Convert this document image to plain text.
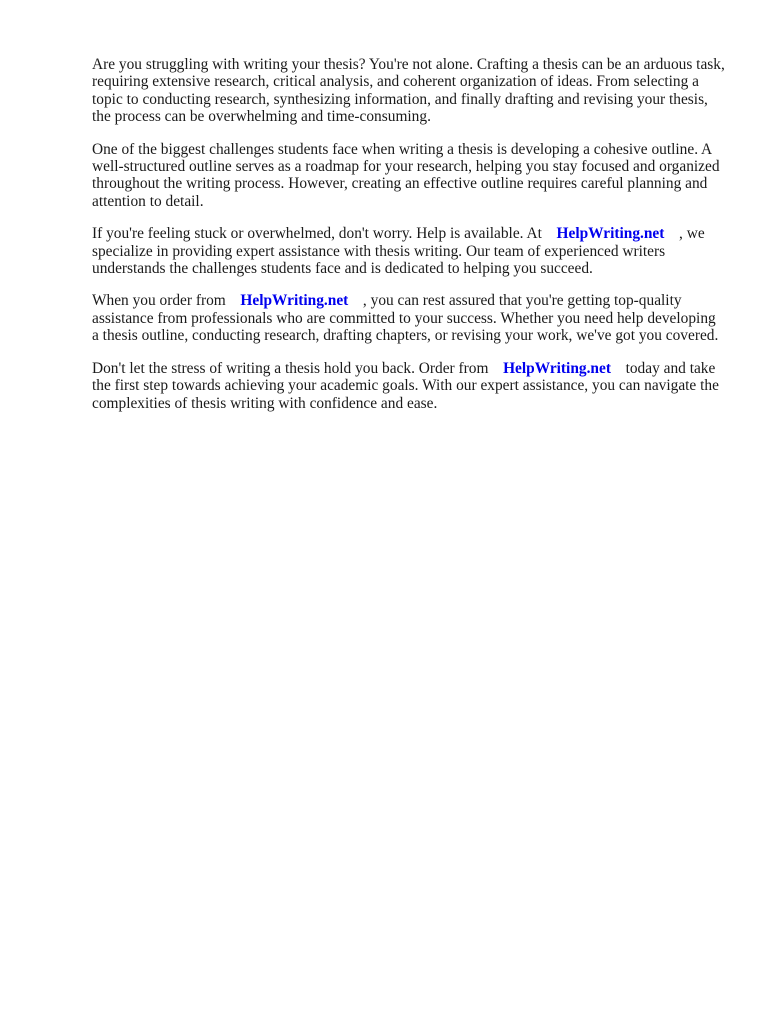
Are you struggling with writing your thesis? You're not alone. Crafting a thesis can be an arduous task, requiring extensive research, critical analysis, and coherent organization of ideas. From selecting a topic to conducting research, synthesizing information, and finally drafting and revising your thesis, the process can be overwhelming and time-consuming.

One of the biggest challenges students face when writing a thesis is developing a cohesive outline. A well-structured outline serves as a roadmap for your research, helping you stay focused and organized throughout the writing process. However, creating an effective outline requires careful planning and attention to detail.

If you're feeling stuck or overwhelmed, don't worry. Help is available. At HelpWriting.net , we specialize in providing expert assistance with thesis writing. Our team of experienced writers understands the challenges students face and is dedicated to helping you succeed.

When you order from HelpWriting.net , you can rest assured that you're getting top-quality assistance from professionals who are committed to your success. Whether you need help developing a thesis outline, conducting research, drafting chapters, or revising your work, we've got you covered.

Don't let the stress of writing a thesis hold you back. Order from HelpWriting.net today and take the first step towards achieving your academic goals. With our expert assistance, you can navigate the complexities of thesis writing with confidence and ease.
